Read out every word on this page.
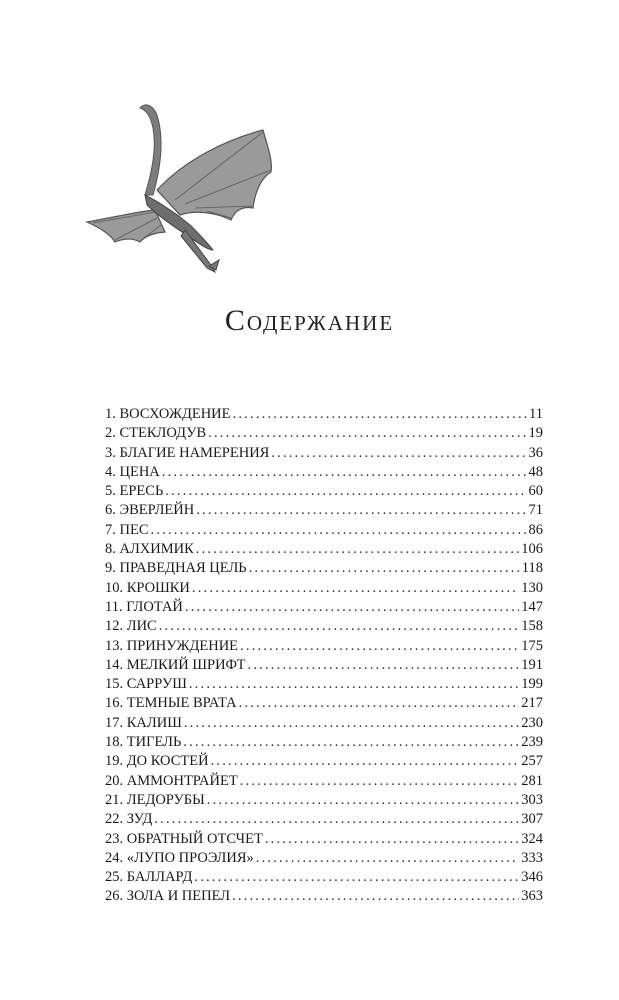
Содержание
1. ВОСХОЖДЕНИЕ .....	11
2. СТЕКЛОДУВ .....	19
3. БЛАГИЕ НАМЕРЕНИЯ .....	36
4. ЦЕНА .....	48
5. ЕРЕСЬ .....	60
6. ЭВЕРЛЕЙН .....	71
7. ПЕС .....	86
8. АЛХИМИК .....	106
9. ПРАВЕДНАЯ ЦЕЛЬ .....	118
10. КРОШКИ .....	130
11. ГЛОТАЙ .....	147
12. ЛИС .....	158
13. ПРИНУЖДЕНИЕ .....	175
14. МЕЛКИЙ ШРИФТ .....	191
15. САРРУШ .....	199
16. ТЕМНЫЕ ВРАТА .....	217
17. КАЛИШ .....	230
18. ТИГЕЛЬ .....	239
19. ДО КОСТЕЙ .....	257
20. АММОНТРАЙЕТ .....	281
21. ЛЕДОРУБЫ .....	303
22. ЗУД .....	307
23. ОБРАТНЫЙ ОТСЧЕТ .....	324
24. «ЛУПО ПРОЭЛИЯ» .....	333
25. БАЛЛАРД .....	346
26. ЗОЛА И ПЕПЕЛ .....	363
